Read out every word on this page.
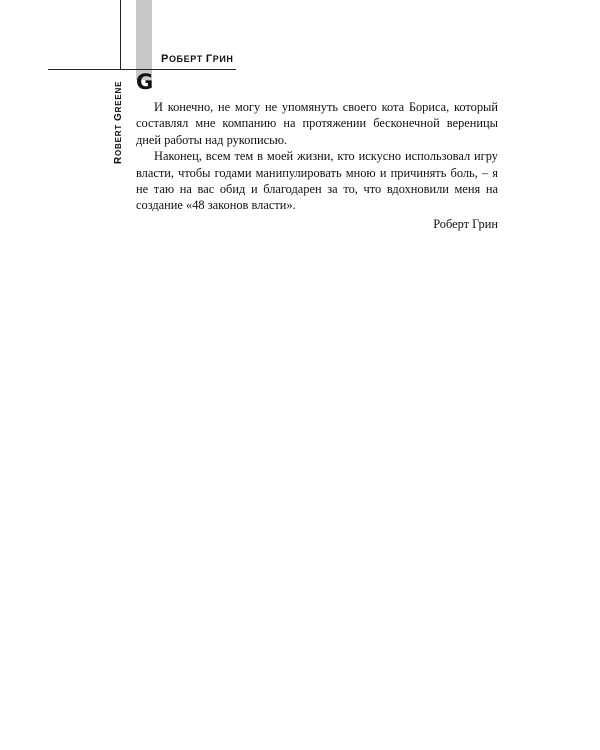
РОБЕРТ ГРИН
G
ROBERT GREENE	И конечно, не могу не упомянуть своего кота Бориса, который составлял мне компанию на протяжении бесконечной вереницы дней работы над рукописью.

Наконец, всем тем в моей жизни, кто искусно использовал игру власти, чтобы годами манипулировать мною и причинять боль, – я не таю на вас обид и благодарен за то, что вдохновили меня на создание «48 законов власти».

Роберт Грин
